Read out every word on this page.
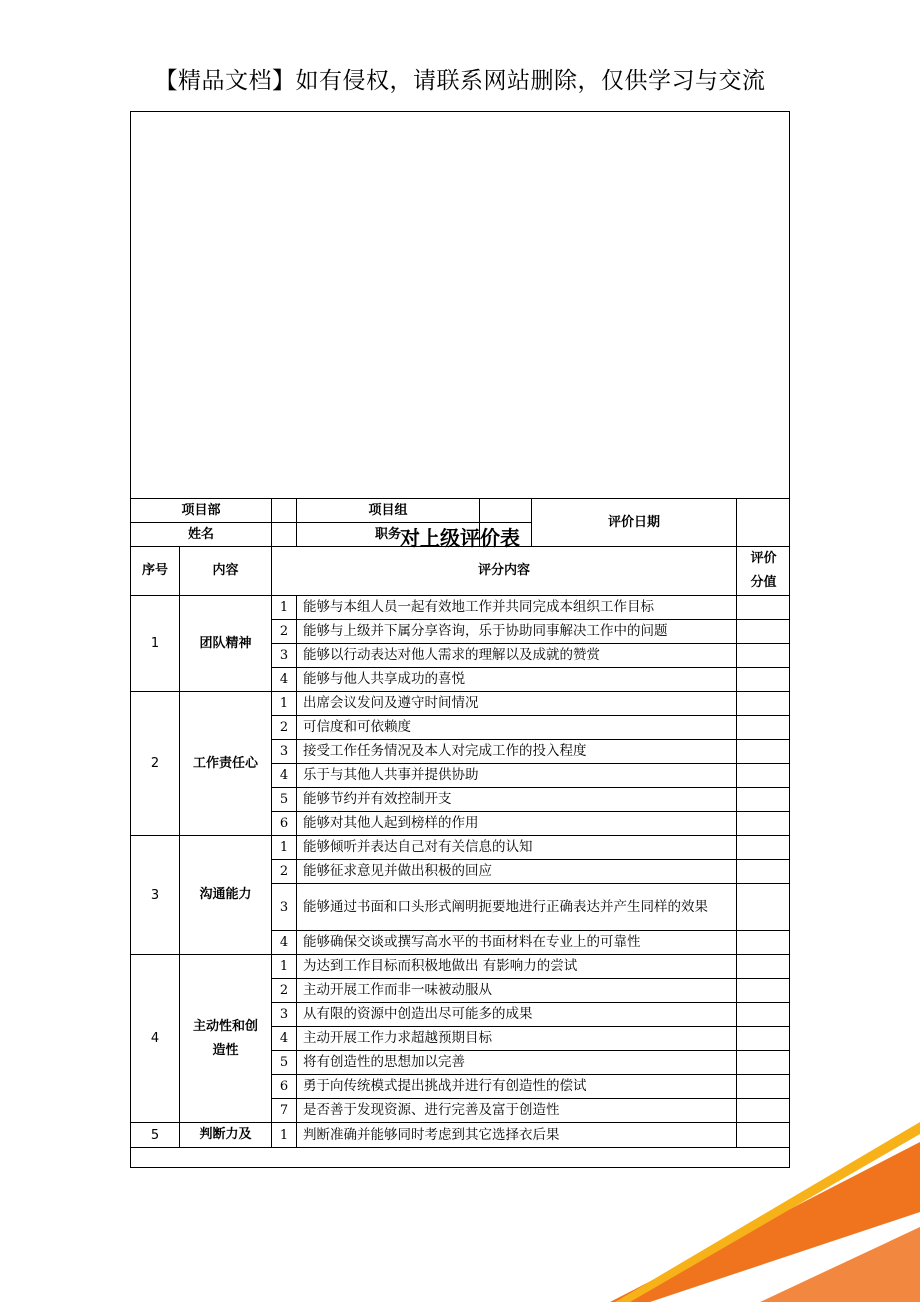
【精品文档】如有侵权，请联系网站删除，仅供学习与交流
对上级评价表
项目部			项目组		评价日期	
姓名			职务			
序号	内容	评分内容				评价分值
1	团队精神	1	能够与本组人员一起有效地工作并共同完成本组织工作目标			
		2	能够与上级并下属分享咨询，乐于协助同事解决工作中的问题			
		3	能够以行动表达对他人需求的理解以及成就的赞赏			
		4	能够与他人共享成功的喜悦			
2	工作责任心	1	出席会议发问及遵守时间情况			
		2	可信度和可依赖度			
		3	接受工作任务情况及本人对完成工作的投入程度			
		4	乐于与其他人共事并提供协助			
		5	能够节约并有效控制开支			
		6	能够对其他人起到榜样的作用			
3	沟通能力	1	能够倾听并表达自己对有关信息的认知			
		2	能够征求意见并做出积极的回应			
		3	能够通过书面和口头形式阐明扼要地进行正确表达并产生同样的效果			
		4	能够确保交谈或撰写高水平的书面材料在专业上的可靠性			
4	主动性和创造性	1	为达到工作目标而积极地做出 有影响力的尝试			
		2	主动开展工作而非一味被动服从			
		3	从有限的资源中创造出尽可能多的成果			
		4	主动开展工作力求超越预期目标			
		5	将有创造性的思想加以完善			
		6	勇于向传统模式提出挑战并进行有创造性的偿试			
		7	是否善于发现资源、进行完善及富于创造性			
5	判断力及	1	判断准确并能够同时考虑到其它选择衣后果			
